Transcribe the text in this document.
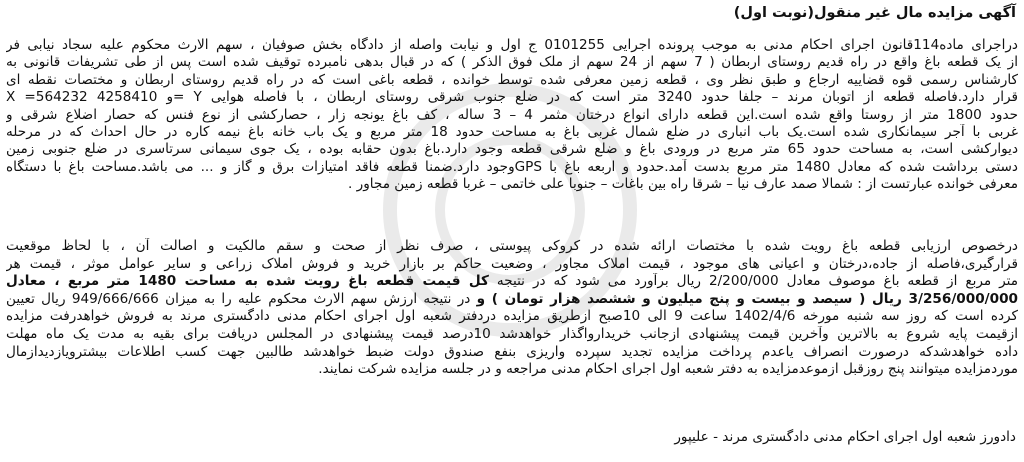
آگهی مزایده مال غیر منقول(نوبت اول)
دراجرای ماده114قانون اجرای احکام مدنی به موجب پرونده اجرایی 0101255 ج اول و نیابت واصله از دادگاه بخش صوفیان ، سهم الارث محکوم علیه سجاد نیابی فر
از یک قطعه باغ واقع در راه قدیم روستای اربطان ( 7 سهم از 24 سهم از ملک فوق الذکر ) که در قبال بدهی نامبرده توقیف شده است پس از طی تشریفات قانونی به
کارشناس رسمی قوه قضاییه ارجاع و طبق نظر وی ، قطعه زمین معرفی شده توسط خوانده ، قطعه باغی است که در راه قدیم روستای اربطان و مختصات نقطه ای
قرار دارد.فاصله قطعه از اتوبان مرند – جلفا حدود 3240 متر است که در ضلع جنوب شرقی روستای اربطان ، با فاصله هوایی Y =و 4258410 X =564232
حدود 1800 متر از روستا واقع شده است.این قطعه دارای انواع درختان مثمر 4 – 3 ساله ، کف باغ یونجه زار ، حصارکشی از نوع فنس که حصار اضلاع شرقی و
غربی با آجر سیمانکاری شده است.یک باب انباری در ضلع شمال غربی باغ به مساحت حدود 18 متر مربع و یک باب خانه باغ نیمه کاره در حال احداث که در مرحله
دیوارکشی است، به مساحت حدود 65 متر مربع در ورودی باغ و ضلع شرقی قطعه وجود دارد.باغ بدون حقابه بوده ، یک جوی سیمانی سرتاسری در ضلع جنوبی زمین
دستی برداشت شده که معادل 1480 متر مربع بدست آمد.حدود و اربعه باغ با GPSوجود دارد.ضمنا قطعه فاقد امتیازات برق و گاز و ... می باشد.مساحت باغ با دستگاه
معرفی خوانده عبارتست از : شمالا صمد عارف نیا – شرقا راه بین باغات – جنوبا علی خاتمی – غربا قطعه زمین مجاور .
درخصوص ارزیابی قطعه باغ رویت شده با مختصات ارائه شده در کروکی پیوستی ، صرف نظر از صحت و سقم مالکیت و اصالت آن ، با لحاظ موقعیت
قرارگیری،فاصله از جاده،درختان و اعیانی های موجود ، قیمت املاک مجاور ، وضعیت حاکم بر بازار خرید و فروش املاک زراعی و سایر عوامل موثر ، قیمت هر
متر مربع از قطعه باغ موصوف معادل 2/200/000 ریال برآورد می شود که در نتیجه کل قیمت قطعه باغ رویت شده به مساحت 1480 متر مربع ، معادل
3/256/000/000 ریال ( سیصد و بیست و پنج میلیون و ششصد هزار تومان ) و در نتیجه ارزش سهم الارث محکوم علیه را به میزان 949/666/666 ریال تعیین
کرده است که روز سه شنبه مورخه 1402/4/6 ساعت 9 الی 10صبح ازطریق مزایده دردفتر شعبه اول اجرای احکام مدنی دادگستری مرند به فروش خواهدرفت مزایده
ازقیمت پایه شروع به بالاترین وآخرین قیمت پیشنهادی ازجانب خریدارواگذار خواهدشد 10درصد قیمت پیشنهادی در المجلس دریافت برای بقیه به مدت یک ماه مهلت
داده خواهدشدکه درصورت انصراف یاعدم پرداخت مزایده تجدید سپرده واریزی بنفع صندوق دولت ضبط خواهدشد طالبین جهت کسب اطلاعات بیشترویازدیدازمال
موردمزایده میتوانند پنج روزقبل ازموعدمزایده به دفتر شعبه اول اجرای احکام مدنی مراجعه و در جلسه مزایده شرکت نمایند.
دادورز شعبه اول اجرای احکام مدنی دادگستری مرند - علیپور
